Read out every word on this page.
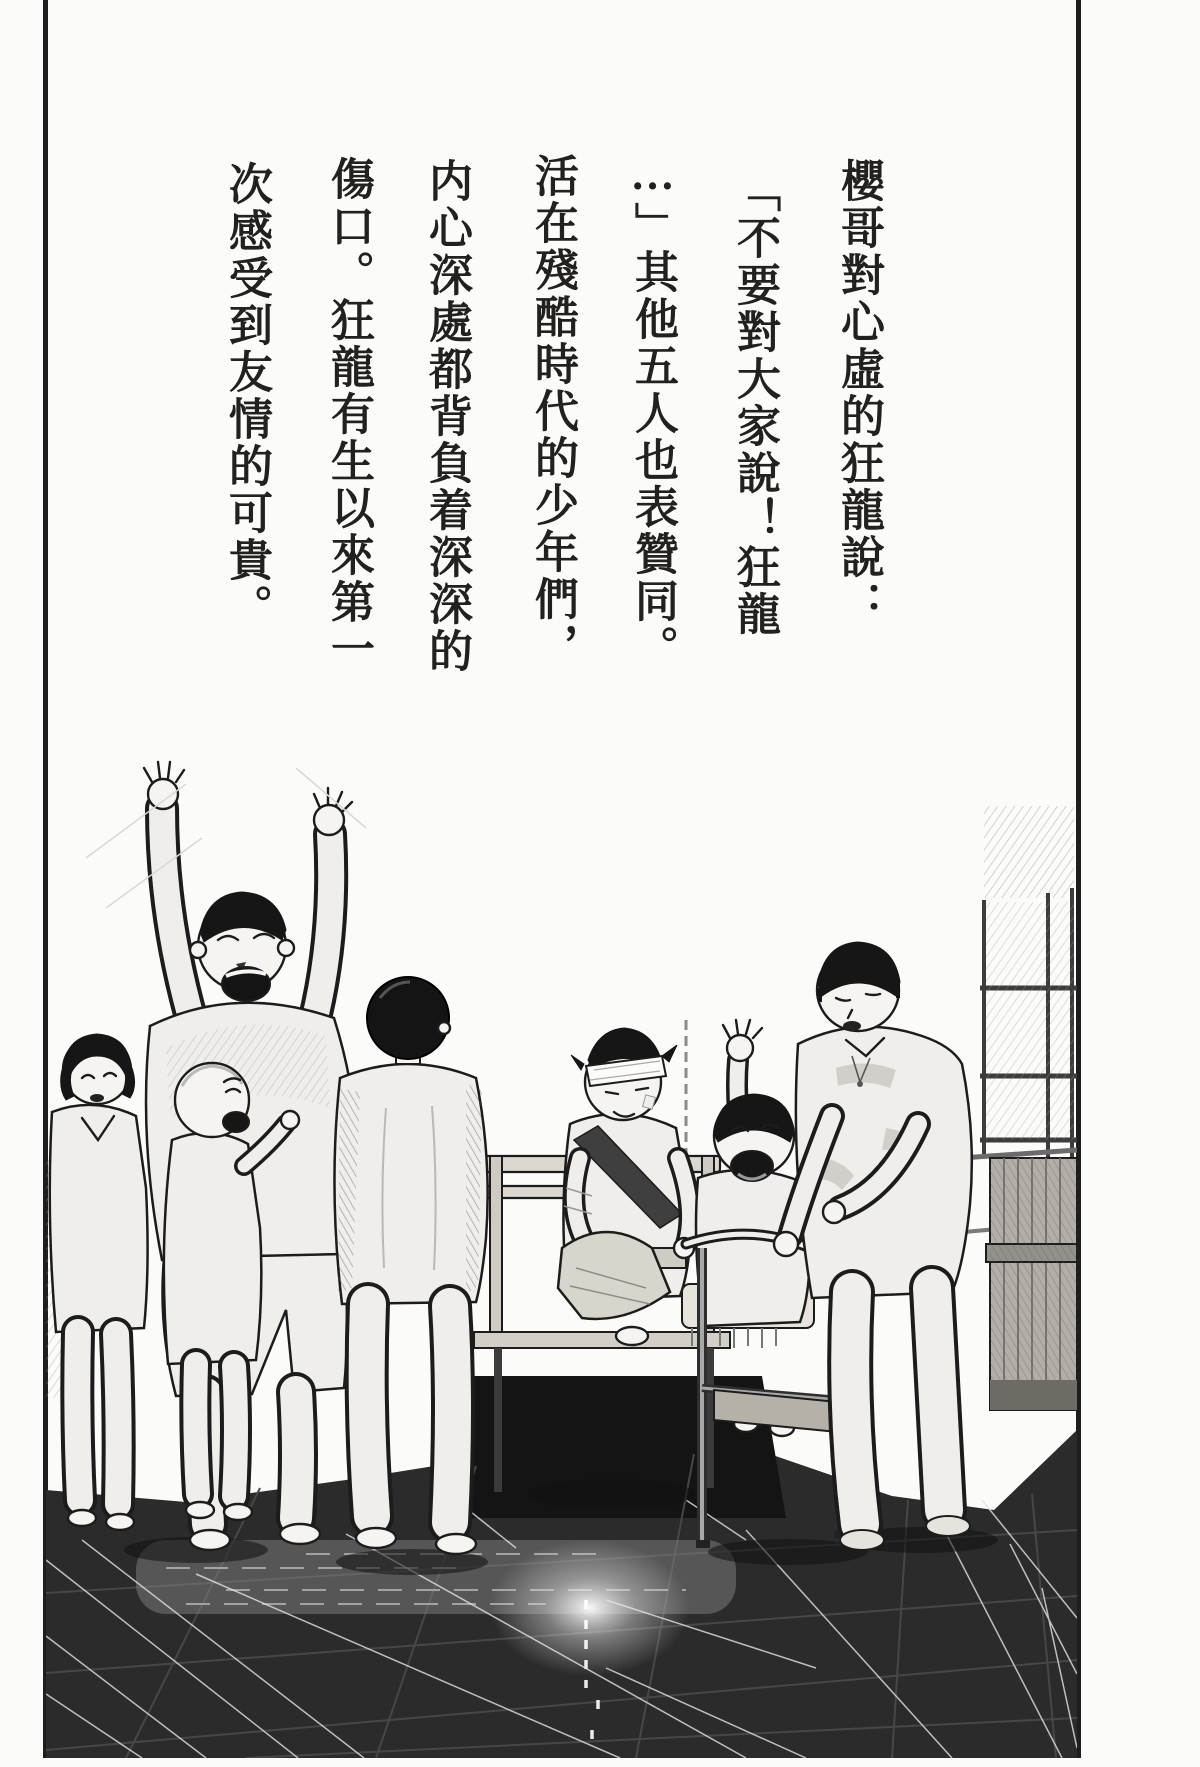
櫻哥對心虛的狂龍說：
「不要對大家說！狂龍
…」其他五人也表贊同。
活在殘酷時代的少年們，
内心深處都背負着深深的
傷口。狂龍有生以來第一
次感受到友情的可貴。
